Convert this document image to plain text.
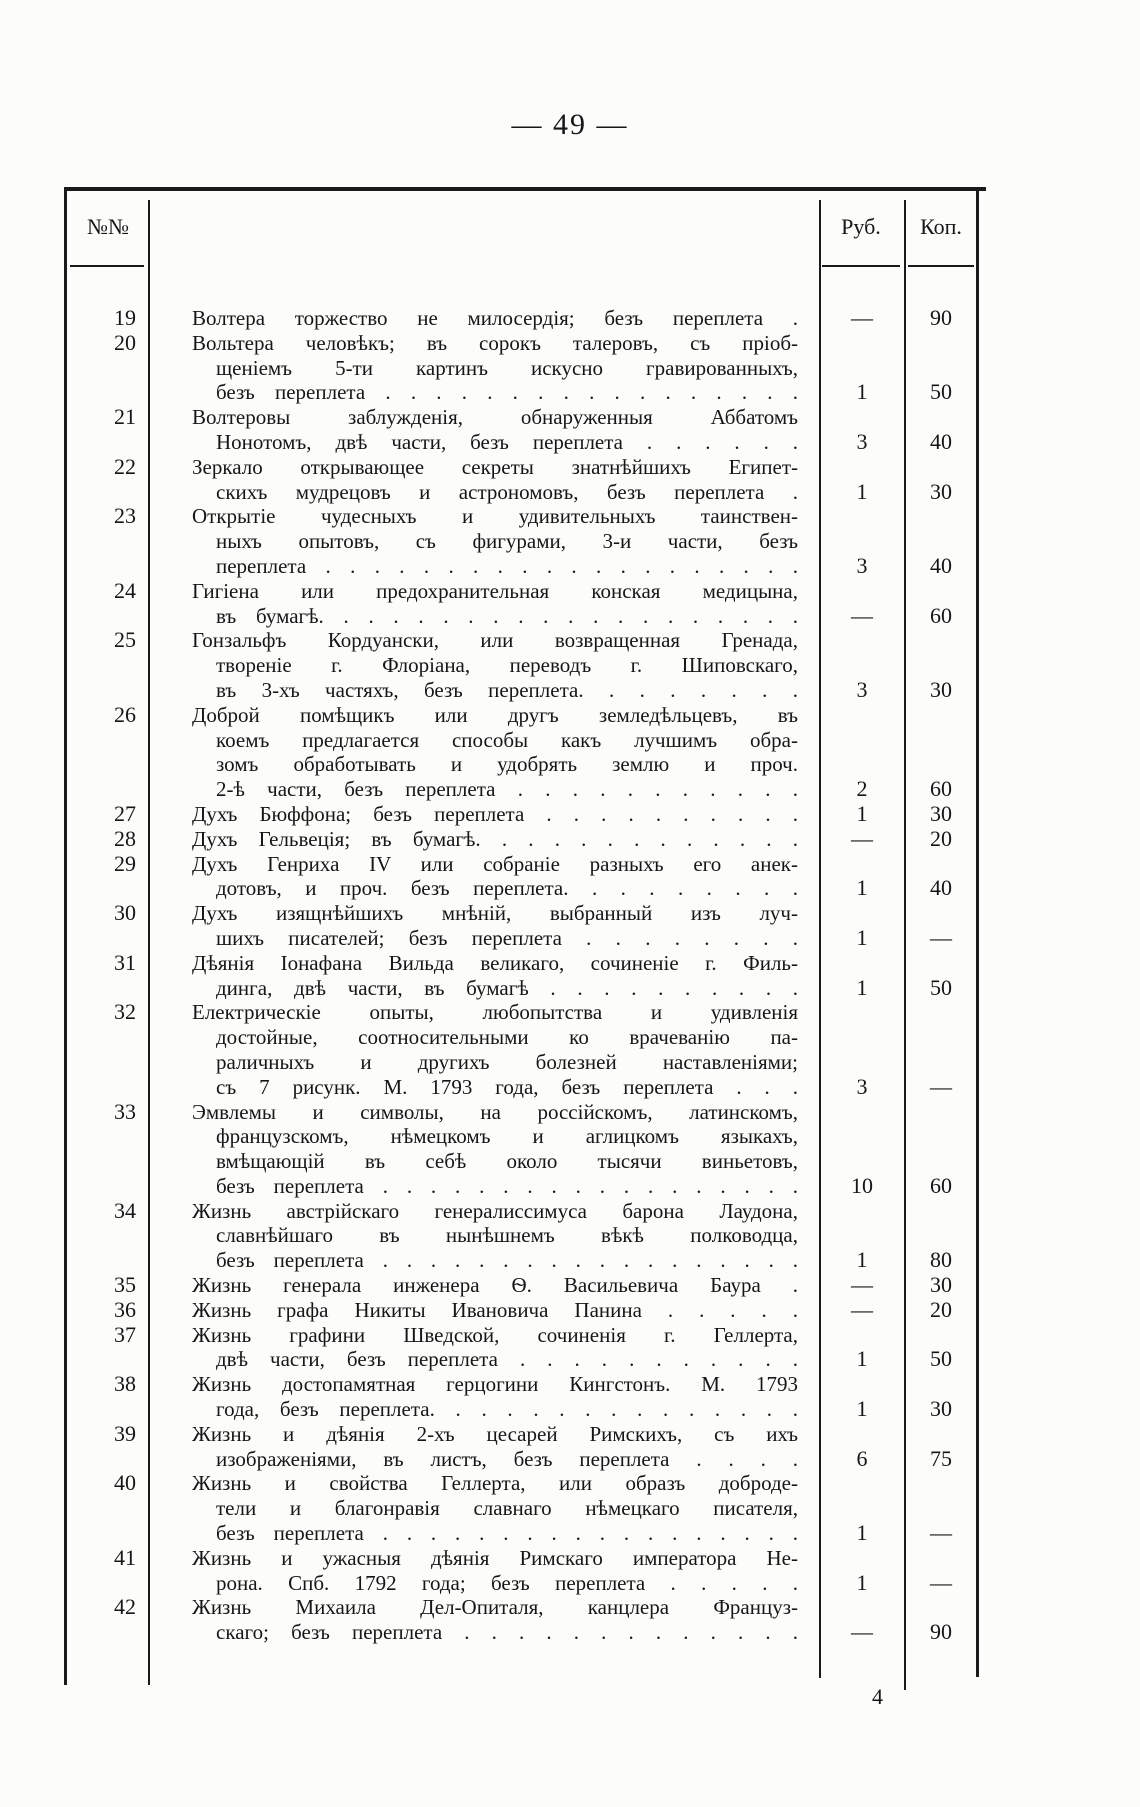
— 49 —
№№	Руб.	Коп.
19	Волтера торжество не милосердія; безъ переплета .	—	90
20	Вольтера человѣкъ; въ сорокъ талеровъ, съ пріоб-
щеніемъ 5-ти картинъ искусно гравированныхъ,
безъ переплета . . . . . . . . . . . . . . . . .	1	50
21	Волтеровы заблужденія, обнаруженныя Аббатомъ
Нонотомъ, двѣ части, безъ переплета . . . . . .	3	40
22	Зеркало открывающее секреты знатнѣйшихъ Египет-
скихъ мудрецовъ и астрономовъ, безъ переплета .	1	30
23	Открытіе чудесныхъ и удивительныхъ таинствен-
ныхъ опытовъ, съ фигурами, 3-и части, безъ
переплета . . . . . . . . . . . . . . . . . . . .	3	40
24	Гигіена или предохранительная конская медицына,
въ бумагѣ. . . . . . . . . . . . . . . . . . . .	—	60
25	Гонзальфъ Кордуански, или возвращенная Гренада,
твореніе г. Флоріана, переводъ г. Шиповскаго,
въ 3-хъ частяхъ, безъ переплета. . . . . . . .	3	30
26	Доброй помѣщикъ или другъ земледѣльцевъ, въ
коемъ предлагается способы какъ лучшимъ обра-
зомъ обработывать и удобрять землю и проч.
2-ѣ части, безъ переплета . . . . . . . . . . .	2	60
27	Духъ Бюффона; безъ переплета . . . . . . . . . .	1	30
28	Духъ Гельвеція; въ бумагѣ. . . . . . . . . . . . .	—	20
29	Духъ Генриха IV или собраніе разныхъ его анек-
дотовъ, и проч. безъ переплета. . . . . . . . .	1	40
30	Духъ изящнѣйшихъ мнѣній, выбранный изъ луч-
шихъ писателей; безъ переплета . . . . . . . .	1	—
31	Дѣянія Іонафана Вильда великаго, сочиненіе г. Филь-
динга, двѣ части, въ бумагѣ . . . . . . . . . .	1	50
32	Електрическіе опыты, любопытства и удивленія
достойные, соотносительными ко врачеванію па-
раличныхъ и другихъ болезней наставленіями;
съ 7 рисунк. М. 1793 года, безъ переплета . . .	3	—
33	Эмвлемы и символы, на россійскомъ, латинскомъ,
французскомъ, нѣмецкомъ и аглицкомъ языкахъ,
вмѣщающій въ себѣ около тысячи виньетовъ,
безъ переплета . . . . . . . . . . . . . . . . . .	10	60
34	Жизнь австрійскаго генералиссимуса барона Лаудона,
славнѣйшаго въ нынѣшнемъ вѣкѣ полководца,
безъ переплета . . . . . . . . . . . . . . . . . .	1	80
35	Жизнь генерала инженера Ѳ. Васильевича Баура .	—	30
36	Жизнь графа Никиты Ивановича Панина . . . . .	—	20
37	Жизнь графини Шведской, сочиненія г. Геллерта,
двѣ части, безъ переплета . . . . . . . . . . .	1	50
38	Жизнь достопамятная герцогини Кингстонъ. М. 1793
года, безъ переплета. . . . . . . . . . . . . . .	1	30
39	Жизнь и дѣянія 2-хъ цесарей Римскихъ, съ ихъ
изображеніями, въ листъ, безъ переплета . . . .	6	75
40	Жизнь и свойства Геллерта, или образъ доброде-
тели и благонравія славнаго нѣмецкаго писателя,
безъ переплета . . . . . . . . . . . . . . . . . .	1	—
41	Жизнь и ужасныя дѣянія Римскаго императора Не-
рона. Спб. 1792 года; безъ переплета . . . . .	1	—
42	Жизнь Михаила Дел-Опиталя, канцлера Француз-
скаго; безъ переплета . . . . . . . . . . . . .	—	90
4
